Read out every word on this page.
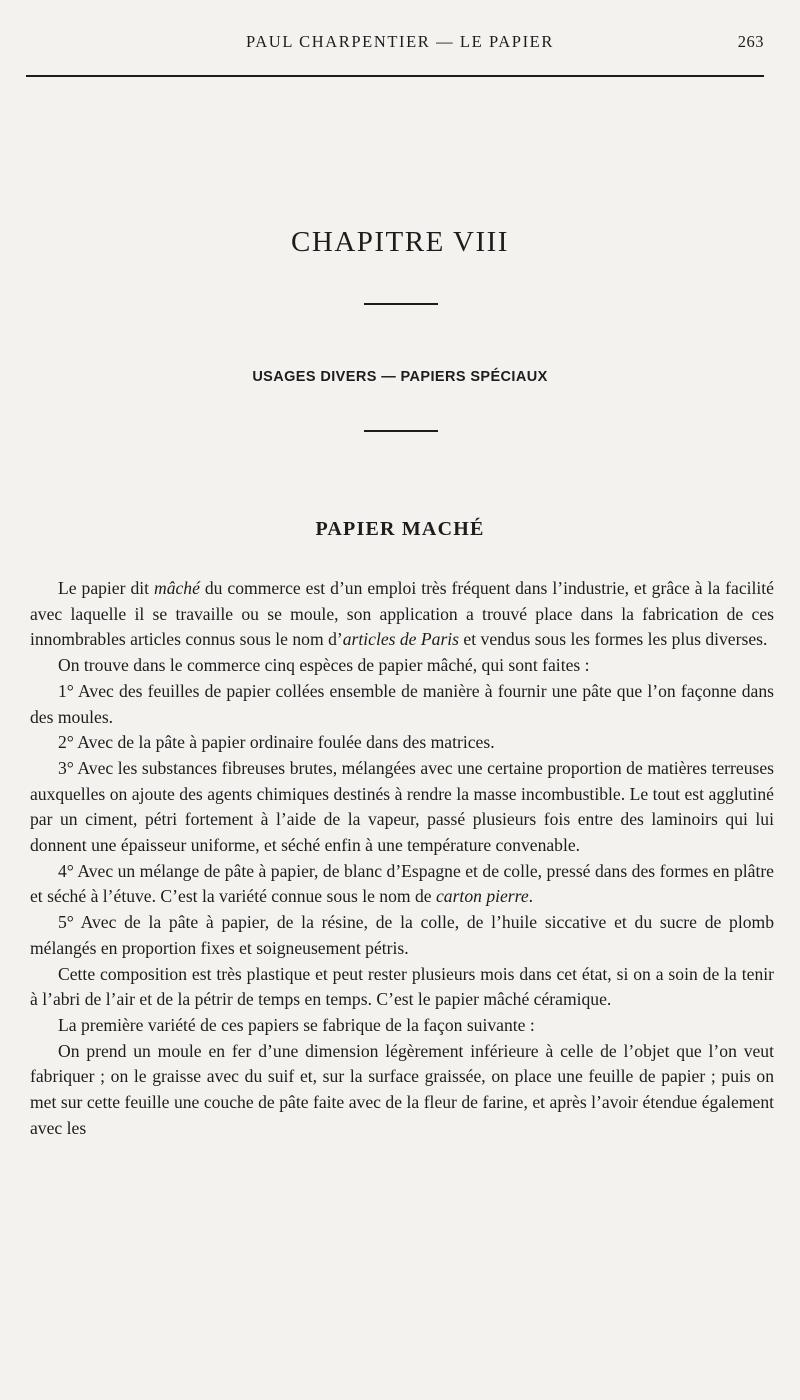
PAUL CHARPENTIER — LE PAPIER	263
CHAPITRE VIII
USAGES DIVERS — PAPIERS SPÉCIAUX
PAPIER MACHÉ

Le papier dit mâché du commerce est d’un emploi très fréquent dans l’industrie, et grâce à la facilité avec laquelle il se travaille ou se moule, son application a trouvé place dans la fabrication de ces innombrables articles connus sous le nom d’articles de Paris et vendus sous les formes les plus diverses.

On trouve dans le commerce cinq espèces de papier mâché, qui sont faites :

1° Avec des feuilles de papier collées ensemble de manière à fournir une pâte que l’on façonne dans des moules.

2° Avec de la pâte à papier ordinaire foulée dans des matrices.

3° Avec les substances fibreuses brutes, mélangées avec une certaine proportion de matières terreuses auxquelles on ajoute des agents chimiques destinés à rendre la masse incombustible. Le tout est agglutiné par un ciment, pétri fortement à l’aide de la vapeur, passé plusieurs fois entre des laminoirs qui lui donnent une épaisseur uniforme, et séché enfin à une température convenable.

4° Avec un mélange de pâte à papier, de blanc d’Espagne et de colle, pressé dans des formes en plâtre et séché à l’étuve. C’est la variété connue sous le nom de carton pierre.

5° Avec de la pâte à papier, de la résine, de la colle, de l’huile siccative et du sucre de plomb mélangés en proportion fixes et soigneusement pétris.

Cette composition est très plastique et peut rester plusieurs mois dans cet état, si on a soin de la tenir à l’abri de l’air et de la pétrir de temps en temps. C’est le papier mâché céramique.

La première variété de ces papiers se fabrique de la façon suivante :

On prend un moule en fer d’une dimension légèrement inférieure à celle de l’objet que l’on veut fabriquer ; on le graisse avec du suif et, sur la surface graissée, on place une feuille de papier ; puis on met sur cette feuille une couche de pâte faite avec de la fleur de farine, et après l’avoir étendue également avec les
